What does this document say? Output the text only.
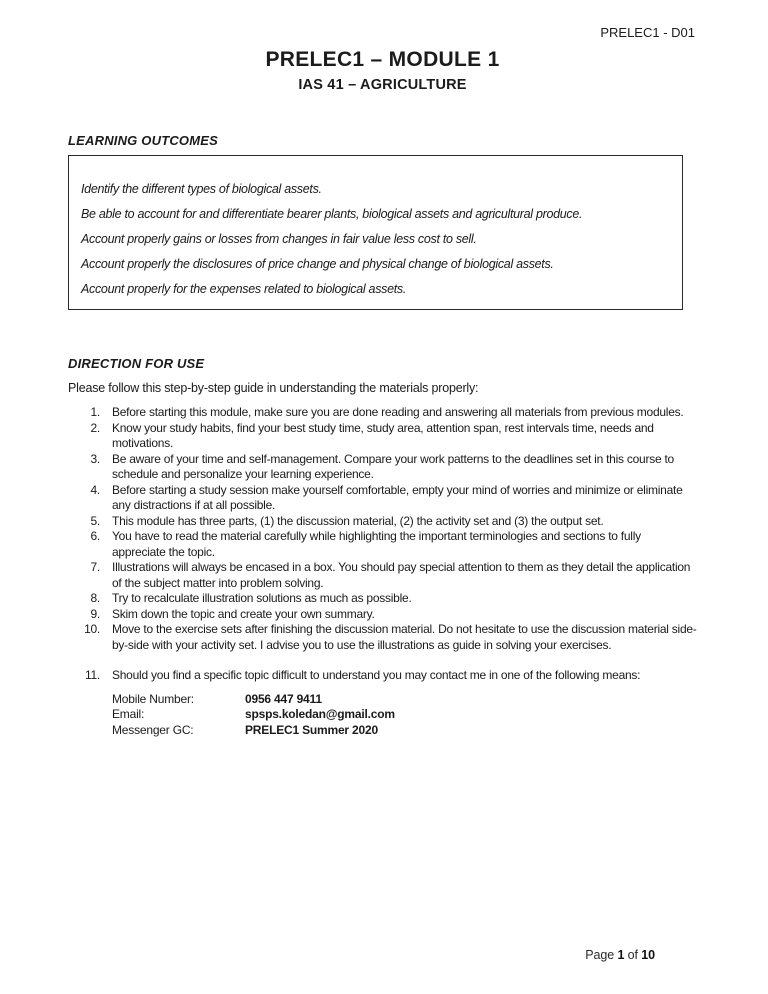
PRELEC1 - D01
PRELEC1 – MODULE 1
IAS 41 – AGRICULTURE
LEARNING OUTCOMES

Identify the different types of biological assets.

Be able to account for and differentiate bearer plants, biological assets and agricultural produce.

Account properly gains or losses from changes in fair value less cost to sell.

Account properly the disclosures of price change and physical change of biological assets.

Account properly for the expenses related to biological assets.

DIRECTION FOR USE

Please follow this step-by-step guide in understanding the materials properly:

1. Before starting this module, make sure you are done reading and answering all materials from previous modules.
2. Know your study habits, find your best study time, study area, attention span, rest intervals time, needs and motivations.
3. Be aware of your time and self-management. Compare your work patterns to the deadlines set in this course to schedule and personalize your learning experience.
4. Before starting a study session make yourself comfortable, empty your mind of worries and minimize or eliminate any distractions if at all possible.
5. This module has three parts, (1) the discussion material, (2) the activity set and (3) the output set.
6. You have to read the material carefully while highlighting the important terminologies and sections to fully appreciate the topic.
7. Illustrations will always be encased in a box. You should pay special attention to them as they detail the application of the subject matter into problem solving.
8. Try to recalculate illustration solutions as much as possible.
9. Skim down the topic and create your own summary.
10. Move to the exercise sets after finishing the discussion material. Do not hesitate to use the discussion material side-by-side with your activity set. I advise you to use the illustrations as guide in solving your exercises.
11. Should you find a specific topic difficult to understand you may contact me in one of the following means:
Mobile Number:	0956 447 9411
Email:	spsps.koledan@gmail.com
Messenger GC:	PRELEC1 Summer 2020
Page 1 of 10
